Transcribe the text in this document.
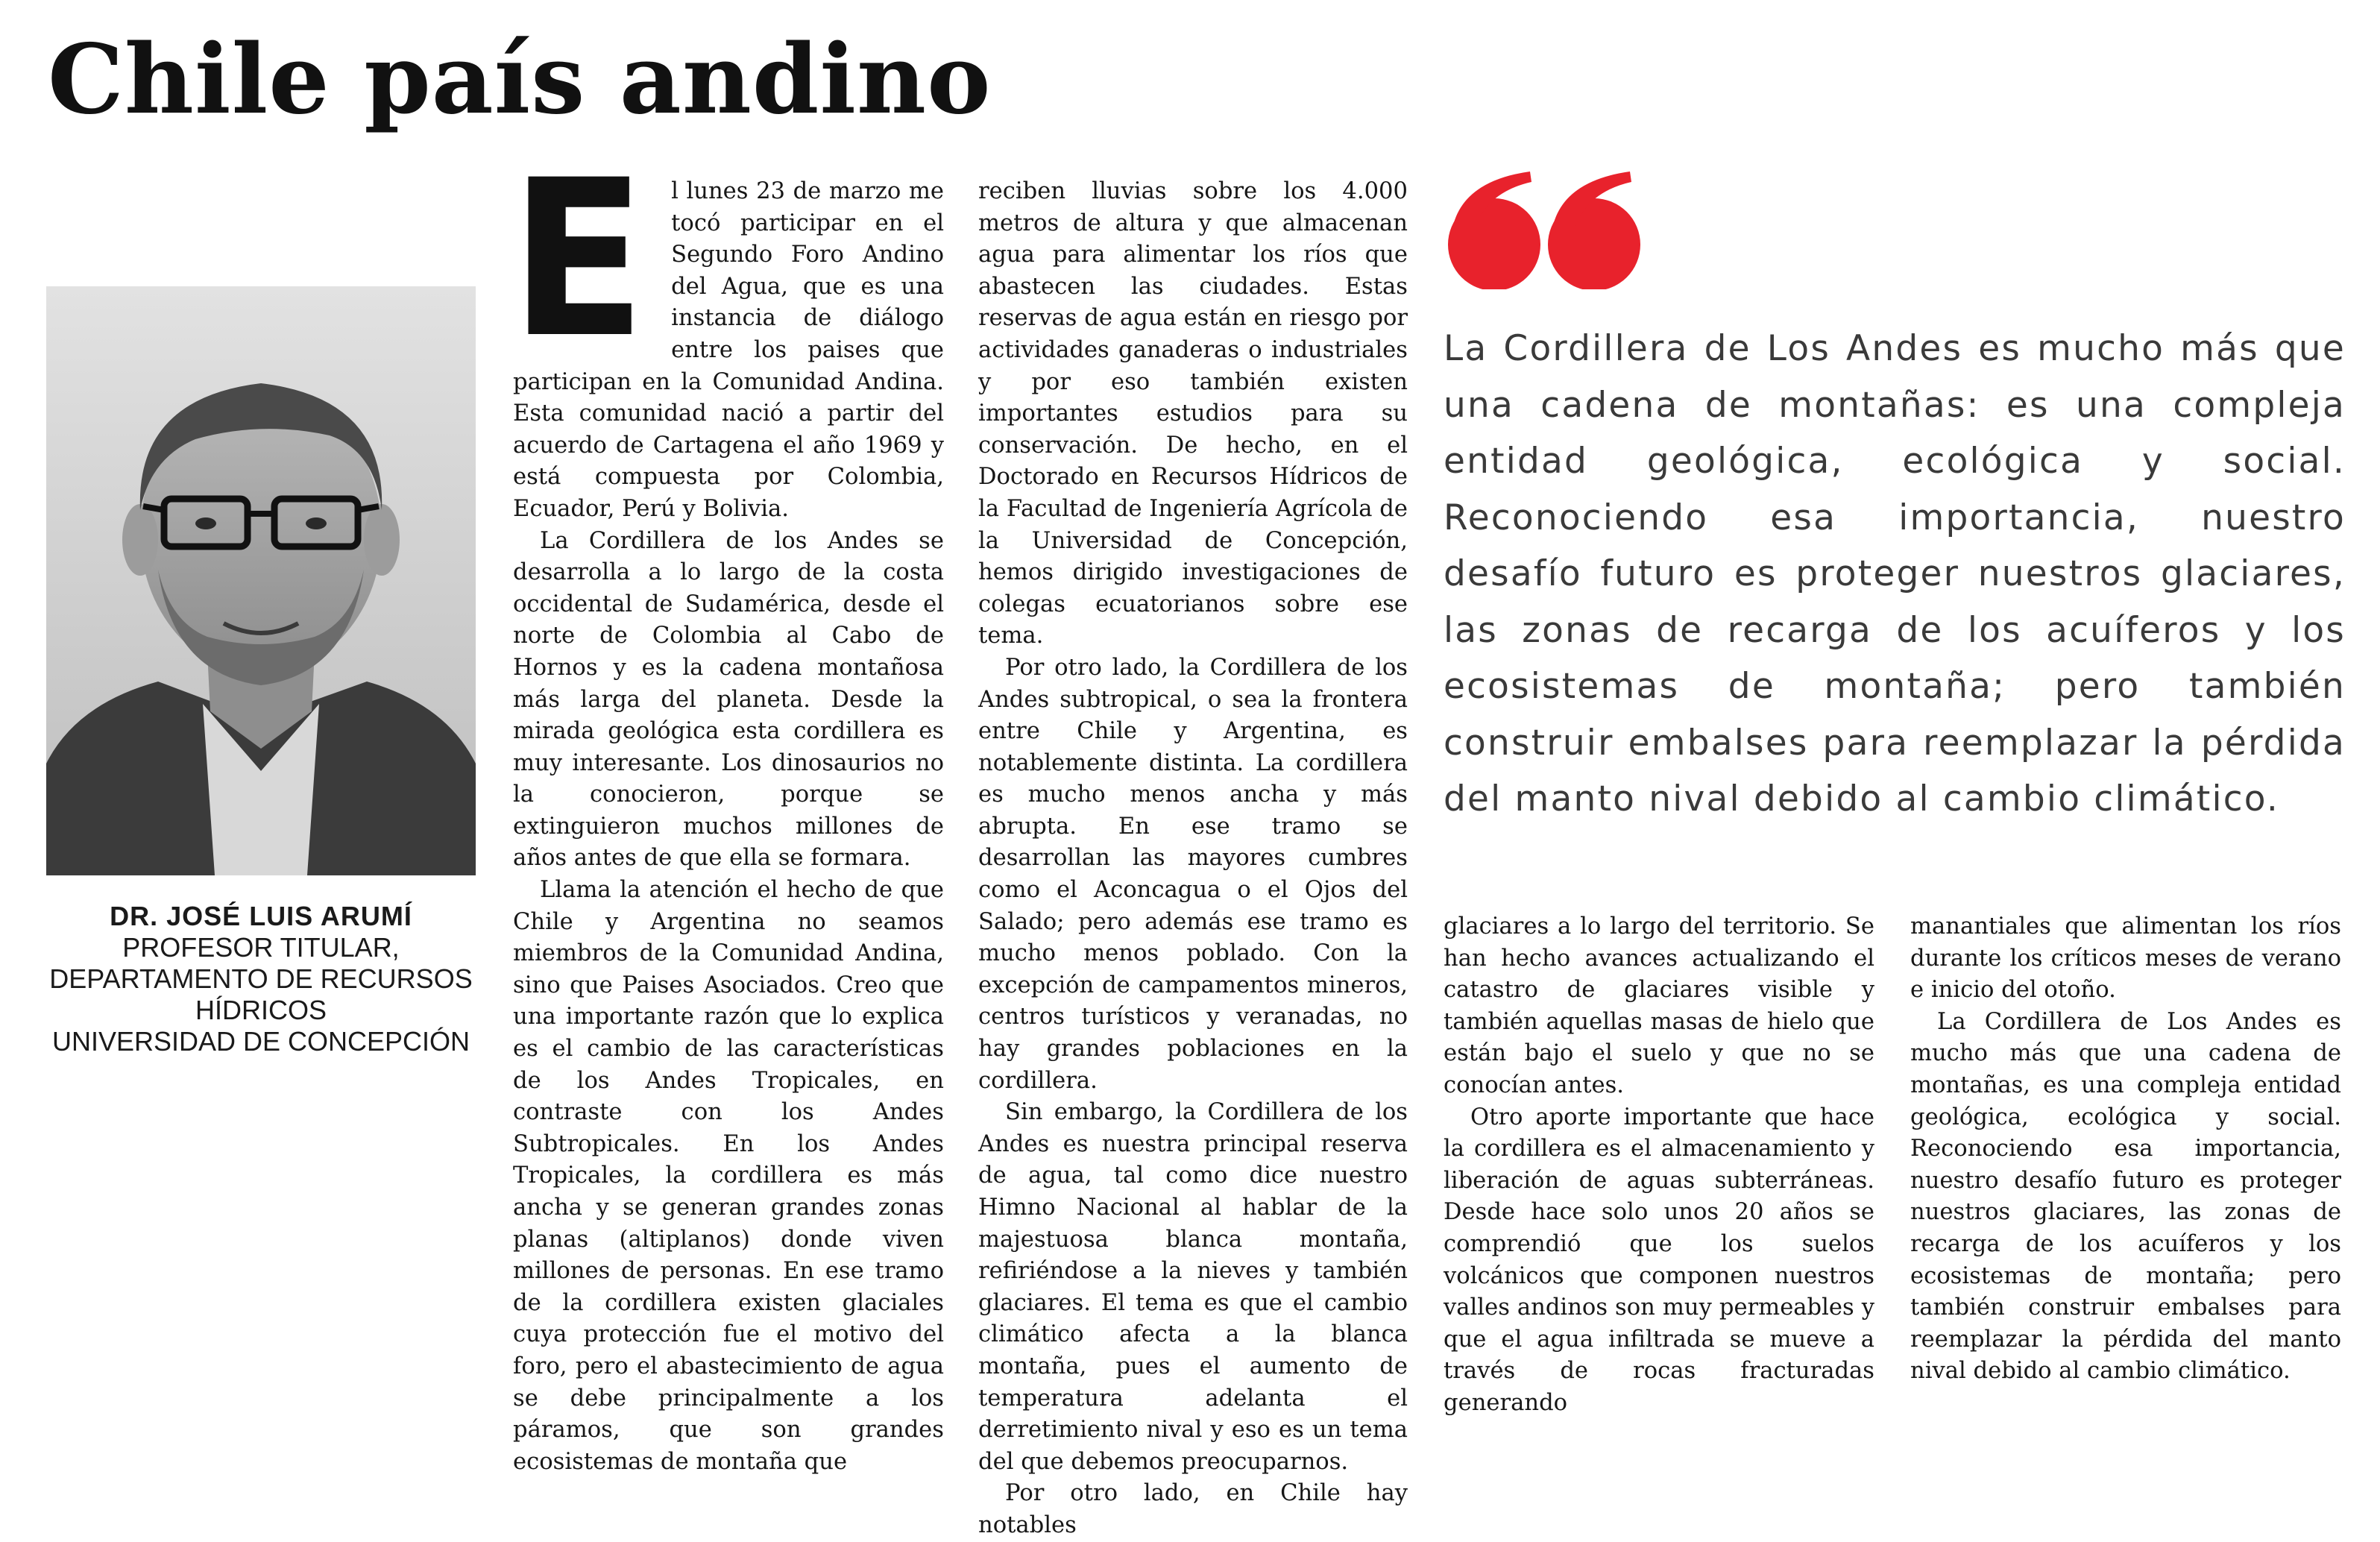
Chile país andino
DR. JOSÉ LUIS ARUMÍ
PROFESOR TITULAR,
DEPARTAMENTO DE RECURSOS
HÍDRICOS
UNIVERSIDAD DE CONCEPCIÓN

E l lunes 23 de marzo me tocó participar en el Segundo Foro Andino del Agua, que es una instancia de diálogo entre los paises que participan en la Comunidad Andina. Esta comunidad nació a partir del acuerdo de Cartagena el año 1969 y está compuesta por Colombia, Ecuador, Perú y Bolivia.

La Cordillera de los Andes se desarrolla a lo largo de la costa occidental de Sudamérica, desde el norte de Colombia al Cabo de Hornos y es la cadena montañosa más larga del planeta. Desde la mirada geológica esta cordillera es muy interesante. Los dinosaurios no la conocieron, porque se extinguieron muchos millones de años antes de que ella se formara.

Llama la atención el hecho de que Chile y Argentina no seamos miembros de la Comunidad Andina, sino que Paises Asociados. Creo que una importante razón que lo explica es el cambio de las características de los Andes Tropicales, en contraste con los Andes Subtropicales. En los Andes Tropicales, la cordillera es más ancha y se generan grandes zonas planas (altiplanos) donde viven millones de personas. En ese tramo de la cordillera existen glaciales cuya protección fue el motivo del foro, pero el abastecimiento de agua se debe principalmente a los páramos, que son grandes ecosistemas de montaña que

reciben lluvias sobre los 4.000 metros de altura y que almacenan agua para alimentar los ríos que abastecen las ciudades. Estas reservas de agua están en riesgo por actividades ganaderas o industriales y por eso también existen importantes estudios para su conservación. De hecho, en el Doctorado en Recursos Hídricos de la Facultad de Ingeniería Agrícola de la Universidad de Concepción, hemos dirigido investigaciones de colegas ecuatorianos sobre ese tema.

Por otro lado, la Cordillera de los Andes subtropical, o sea la frontera entre Chile y Argentina, es notablemente distinta. La cordillera es mucho menos ancha y más abrupta. En ese tramo se desarrollan las mayores cumbres como el Aconcagua o el Ojos del Salado; pero además ese tramo es mucho menos poblado. Con la excepción de campamentos mineros, centros turísticos y veranadas, no hay grandes poblaciones en la cordillera.

Sin embargo, la Cordillera de los Andes es nuestra principal reserva de agua, tal como dice nuestro Himno Nacional al hablar de la majestuosa blanca montaña, refiriéndose a la nieves y también glaciares. El tema es que el cambio climático afecta a la blanca montaña, pues el aumento de temperatura adelanta el derretimiento nival y eso es un tema del que debemos preocuparnos.

Por otro lado, en Chile hay notables

La Cordillera de Los Andes es mucho más que una cadena de montañas: es una compleja entidad geológica, ecológica y social. Reconociendo esa importancia, nuestro desafío futuro es proteger nuestros glaciares, las zonas de recarga de los acuíferos y los ecosistemas de montaña; pero también construir embalses para reemplazar la pérdida del manto nival debido al cambio climático.

glaciares a lo largo del territorio. Se han hecho avances actualizando el catastro de glaciares visible y también aquellas masas de hielo que están bajo el suelo y que no se conocían antes.

Otro aporte importante que hace la cordillera es el almacenamiento y liberación de aguas subterráneas. Desde hace solo unos 20 años se comprendió que los suelos volcánicos que componen nuestros valles andinos son muy permeables y que el agua infiltrada se mueve a través de rocas fracturadas generando

manantiales que alimentan los ríos durante los críticos meses de verano e inicio del otoño.

La Cordillera de Los Andes es mucho más que una cadena de montañas, es una compleja entidad geológica, ecológica y social. Reconociendo esa importancia, nuestro desafío futuro es proteger nuestros glaciares, las zonas de recarga de los acuíferos y los ecosistemas de montaña; pero también construir embalses para reemplazar la pérdida del manto nival debido al cambio climático.
